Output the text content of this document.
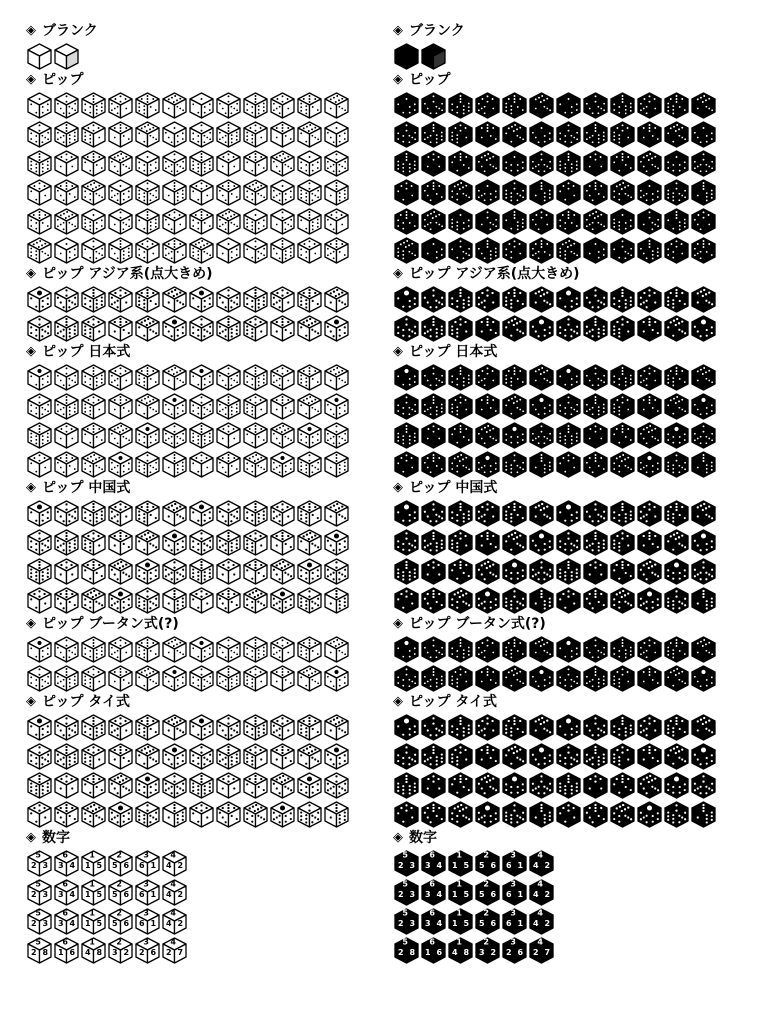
◈ ブランク
◈ ピップ
◈ ピップ アジア系(点大きめ)
◈ ピップ 日本式
◈ ピップ 中国式
◈ ピップ ブータン式(?)
◈ ピップ タイ式
◈ 数字
2 3
5
3 4
6
1 5
1
5 6
2
6 1
3
4 2
4
2 3
5
3 4
6
1 5
1
5 6
2
6 1
3
4 2
4
2 3
5
3 4
6
1 5
1
5 6
2
6 1
3
4 2
4
2 8
5
1 6
6
4 8
1
3 2
2
2 6
3
2 7
4
◈ ブランク
◈ ピップ
◈ ピップ アジア系(点大きめ)
◈ ピップ 日本式
◈ ピップ 中国式
◈ ピップ ブータン式(?)
◈ ピップ タイ式
◈ 数字
2 3
5
3 4
6
1 5
1
5 6
2
6 1
3
4 2
4
2 3
5
3 4
6
1 5
1
5 6
2
6 1
3
4 2
4
2 3
5
3 4
6
1 5
1
5 6
2
6 1
3
4 2
4
2 8
5
1 6
6
4 8
1
3 2
2
2 6
3
2 7
4
